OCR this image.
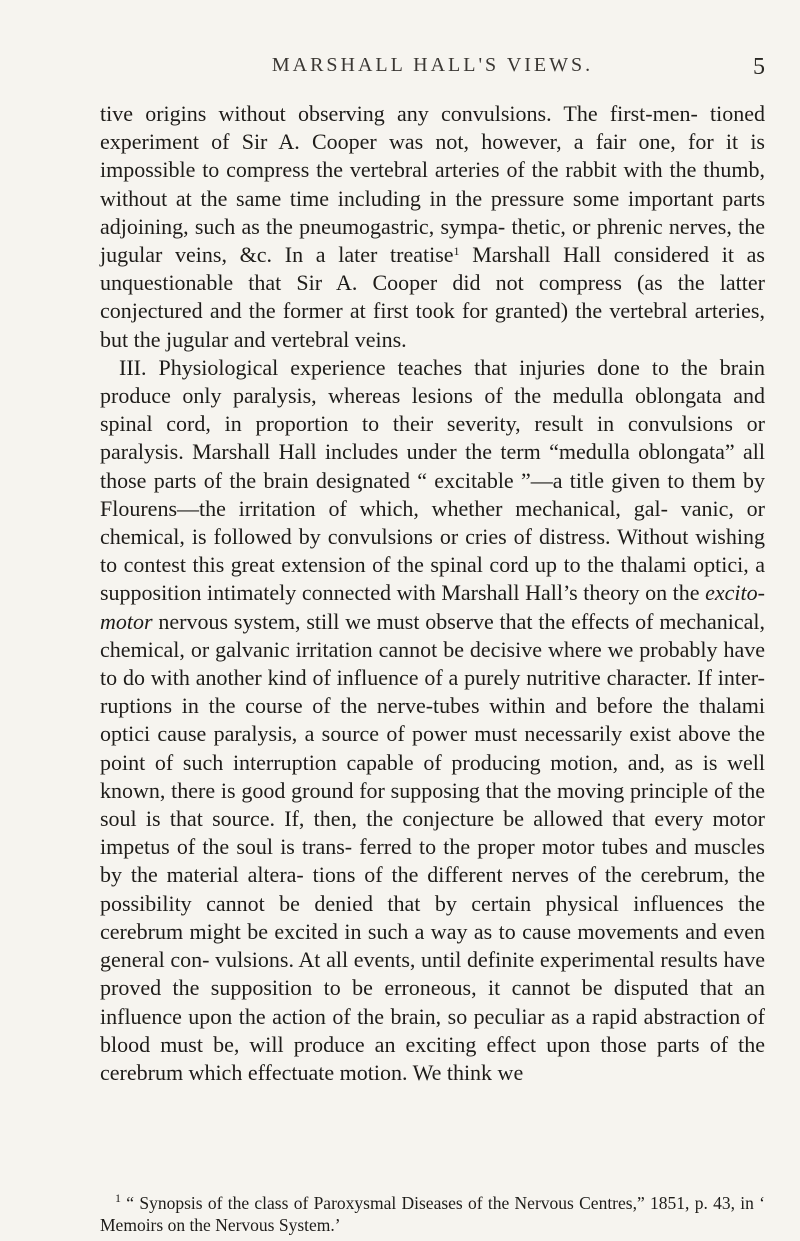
MARSHALL HALL'S VIEWS.	5

tive origins without observing any convulsions. The first-men- tioned experiment of Sir A. Cooper was not, however, a fair one, for it is impossible to compress the vertebral arteries of the rabbit with the thumb, without at the same time including in the pressure some important parts adjoining, such as the pneumogastric, sympa- thetic, or phrenic nerves, the jugular veins, &c. In a later treatise$^1$ Marshall Hall considered it as unquestionable that Sir A. Cooper did not compress (as the latter conjectured and the former at first took for granted) the vertebral arteries, but the jugular and vertebral veins.

III. Physiological experience teaches that injuries done to the brain produce only paralysis, whereas lesions of the medulla oblongata and spinal cord, in proportion to their severity, result in convulsions or paralysis. Marshall Hall includes under the term “medulla oblongata” all those parts of the brain designated “ excitable ”—a title given to them by Flourens—the irritation of which, whether mechanical, gal- vanic, or chemical, is followed by convulsions or cries of distress. Without wishing to contest this great extension of the spinal cord up to the thalami optici, a supposition intimately connected with Marshall Hall’s theory on the excito-motor nervous system, still we must observe that the effects of mechanical, chemical, or galvanic irritation cannot be decisive where we probably have to do with another kind of influence of a purely nutritive character. If inter- ruptions in the course of the nerve-tubes within and before the thalami optici cause paralysis, a source of power must necessarily exist above the point of such interruption capable of producing motion, and, as is well known, there is good ground for supposing that the moving principle of the soul is that source. If, then, the conjecture be allowed that every motor impetus of the soul is trans- ferred to the proper motor tubes and muscles by the material altera- tions of the different nerves of the cerebrum, the possibility cannot be denied that by certain physical influences the cerebrum might be excited in such a way as to cause movements and even general con- vulsions. At all events, until definite experimental results have proved the supposition to be erroneous, it cannot be disputed that an influence upon the action of the brain, so peculiar as a rapid abstraction of blood must be, will produce an exciting effect upon those parts of the cerebrum which effectuate motion. We think we

$^1$ “ Synopsis of the class of Paroxysmal Diseases of the Nervous Centres,” 1851, p. 43, in ‘ Memoirs on the Nervous System.’
